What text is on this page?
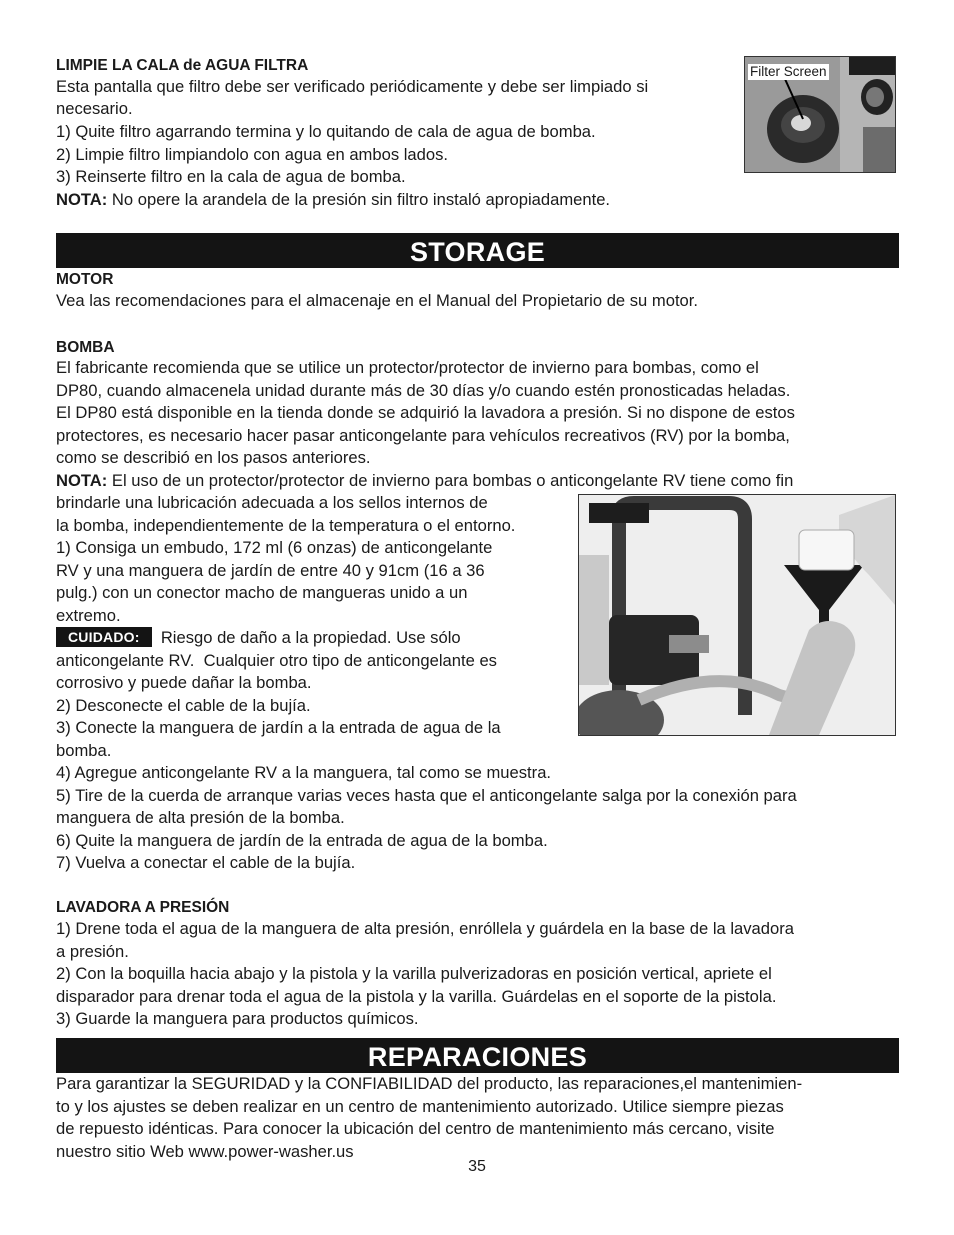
LIMPIE LA CALA de AGUA FILTRA
Esta pantalla que filtro debe ser verificado periódicamente y debe ser limpiado si
necesario.
1) Quite filtro agarrando termina y lo quitando de cala de agua de bomba.
2) Limpie filtro limpiandolo con agua en ambos lados.
3) Reinserte filtro en la cala de agua de bomba.
NOTA: No opere la arandela de la presión sin filtro instaló apropiadamente.
Filter Screen
STORAGE
MOTOR
Vea las recomendaciones para el almacenaje en el Manual del Propietario de su motor.
BOMBA
El fabricante recomienda que se utilice un protector/protector de invierno para bombas, como el
DP80, cuando almacenela unidad durante más de 30 días y/o cuando estén pronosticadas heladas.
El DP80 está disponible en la tienda donde se adquirió la lavadora a presión. Si no dispone de estos
protectores, es necesario hacer pasar anticongelante para vehículos recreativos (RV) por la bomba,
como se describió en los pasos anteriores.
NOTA: El uso de un protector/protector de invierno para bombas o anticongelante RV tiene como fin
brindarle una lubricación adecuada a los sellos internos de
la bomba, independientemente de la temperatura o el entorno.
1) Consiga un embudo, 172 ml (6 onzas) de anticongelante
RV y una manguera de jardín de entre 40 y 91cm (16 a 36
pulg.) con un conector macho de mangueras unido a un
extremo.
CUIDADO:  Riesgo de daño a la propiedad. Use sólo
anticongelante RV.  Cualquier otro tipo de anticongelante es
corrosivo y puede dañar la bomba.
2) Desconecte el cable de la bujía.
3) Conecte la manguera de jardín a la entrada de agua de la
bomba.
4) Agregue anticongelante RV a la manguera, tal como se muestra.
5) Tire de la cuerda de arranque varias veces hasta que el anticongelante salga por la conexión para
manguera de alta presión de la bomba.
6) Quite la manguera de jardín de la entrada de agua de la bomba.
7) Vuelva a conectar el cable de la bujía.
LAVADORA A PRESIÓN
1) Drene toda el agua de la manguera de alta presión, enróllela y guárdela en la base de la lavadora
a presión.
2) Con la boquilla hacia abajo y la pistola y la varilla pulverizadoras en posición vertical, apriete el
disparador para drenar toda el agua de la pistola y la varilla. Guárdelas en el soporte de la pistola.
3) Guarde la manguera para productos químicos.
REPARACIONES
Para garantizar la SEGURIDAD y la CONFIABILIDAD del producto, las reparaciones,el mantenimien-
to y los ajustes se deben realizar en un centro de mantenimiento autorizado. Utilice siempre piezas
de repuesto idénticas. Para conocer la ubicación del centro de mantenimiento más cercano, visite
nuestro sitio Web www.power-washer.us
35
